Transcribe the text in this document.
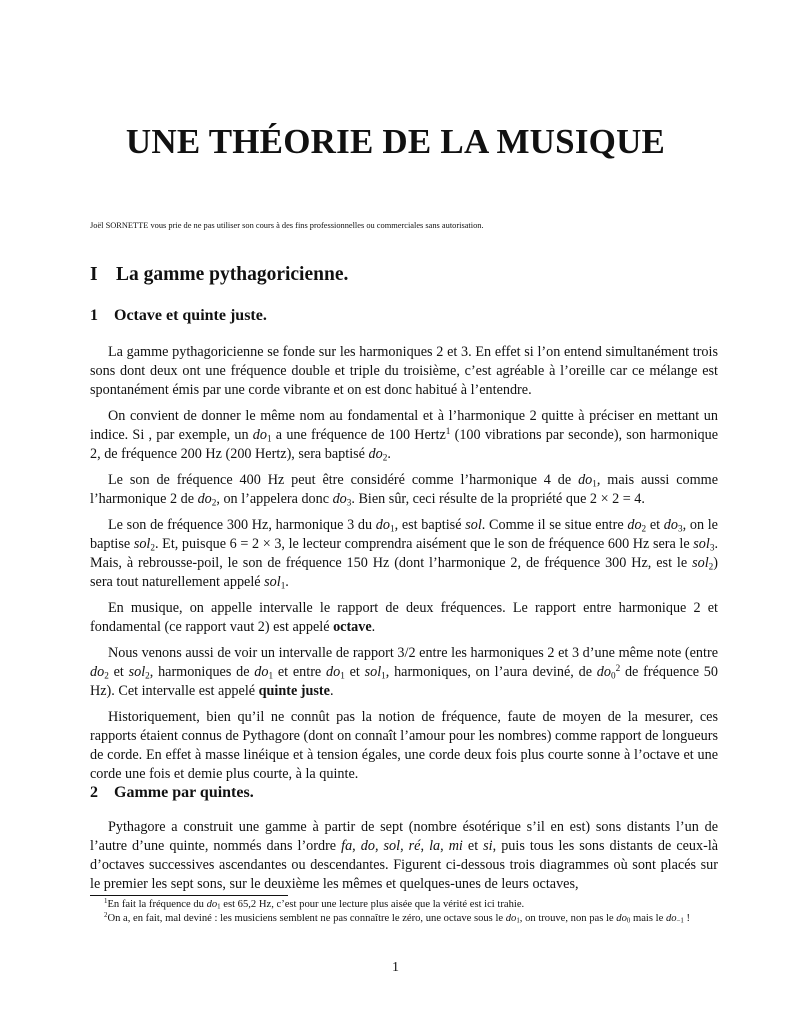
UNE THÉORIE DE LA MUSIQUE
Joël SORNETTE vous prie de ne pas utiliser son cours à des fins professionnelles ou commerciales sans autorisation.
I La gamme pythagoricienne.
1 Octave et quinte juste.

La gamme pythagoricienne se fonde sur les harmoniques 2 et 3. En effet si l’on entend simultanément trois sons dont deux ont une fréquence double et triple du troisième, c’est agréable à l’oreille car ce mélange est spontanément émis par une corde vibrante et on est donc habitué à l’entendre.

On convient de donner le même nom au fondamental et à l’harmonique 2 quitte à préciser en mettant un indice. Si , par exemple, un $do_1$ a une fréquence de 100 Hertz$^1$ (100 vibrations par seconde), son harmonique 2, de fréquence 200 Hz (200 Hertz), sera baptisé $do_2$.

Le son de fréquence 400 Hz peut être considéré comme l’harmonique 4 de $do_1$, mais aussi comme l’harmonique 2 de $do_2$, on l’appelera donc $do_3$. Bien sûr, ceci résulte de la propriété que 2 × 2 = 4.

Le son de fréquence 300 Hz, harmonique 3 du $do_1$, est baptisé sol. Comme il se situe entre $do_2$ et $do_3$, on le baptise sol$_2$. Et, puisque 6 = 2 × 3, le lecteur comprendra aisément que le son de fréquence 600 Hz sera le sol$_3$. Mais, à rebrousse-poil, le son de fréquence 150 Hz (dont l’harmonique 2, de fréquence 300 Hz, est le sol$_2$) sera tout naturellement appelé sol$_1$.

En musique, on appelle intervalle le rapport de deux fréquences. Le rapport entre harmonique 2 et fondamental (ce rapport vaut 2) est appelé octave.

Nous venons aussi de voir un intervalle de rapport 3/2 entre les harmoniques 2 et 3 d’une même note (entre $do_2$ et sol$_2$, harmoniques de $do_1$ et entre $do_1$ et sol$_1$, harmoniques, on l’aura deviné, de $do_0^2$ de fréquence 50 Hz). Cet intervalle est appelé quinte juste.

Historiquement, bien qu’il ne connût pas la notion de fréquence, faute de moyen de la mesurer, ces rapports étaient connus de Pythagore (dont on connaît l’amour pour les nombres) comme rapport de longueurs de corde. En effet à masse linéique et à tension égales, une corde deux fois plus courte sonne à l’octave et une corde une fois et demie plus courte, à la quinte.

2 Gamme par quintes.

Pythagore a construit une gamme à partir de sept (nombre ésotérique s’il en est) sons distants l’un de l’autre d’une quinte, nommés dans l’ordre fa, do, sol, ré, la, mi et si, puis tous les sons distants de ceux-là d’octaves successives ascendantes ou descendantes. Figurent ci-dessous trois diagrammes où sont placés sur le premier les sept sons, sur le deuxième les mêmes et quelques-unes de leurs octaves,

$^1$En fait la fréquence du $do_1$ est 65,2 Hz, c’est pour une lecture plus aisée que la vérité est ici trahie.

$^2$On a, en fait, mal deviné : les musiciens semblent ne pas connaître le zéro, une octave sous le $do_1$, on trouve, non pas le $do_0$ mais le $do_{-1}$ !

1
